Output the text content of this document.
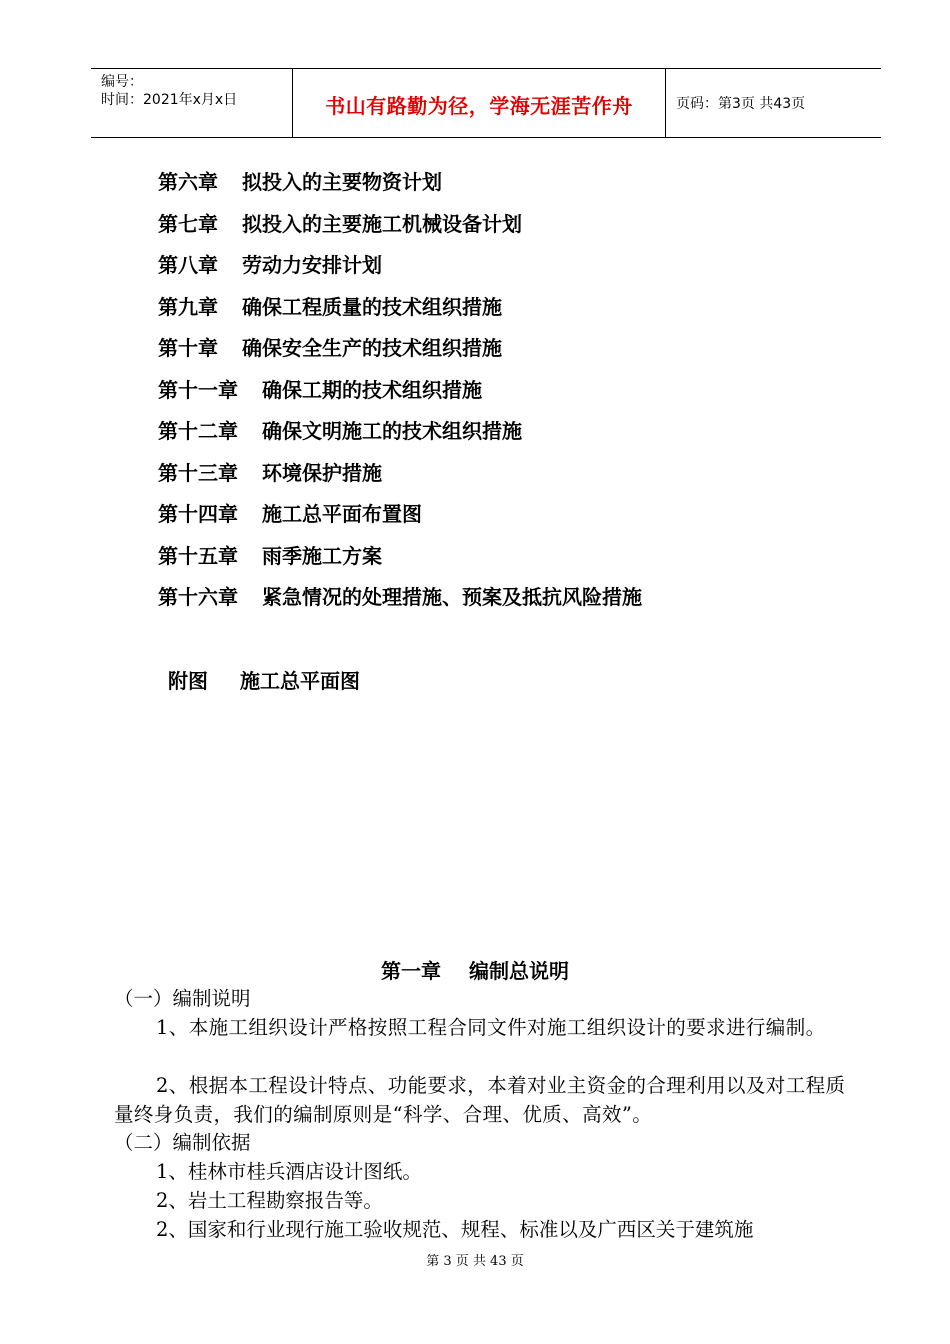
编号：
时间：2021年x月x日	书山有路勤为径，学海无涯苦作舟	页码：第3页 共43页
第六章 拟投入的主要物资计划
第七章 拟投入的主要施工机械设备计划
第八章 劳动力安排计划
第九章 确保工程质量的技术组织措施
第十章 确保安全生产的技术组织措施
第十一章 确保工期的技术组织措施
第十二章 确保文明施工的技术组织措施
第十三章 环境保护措施
第十四章 施工总平面布置图
第十五章 雨季施工方案
第十六章 紧急情况的处理措施、预案及抵抗风险措施
附图 施工总平面图
第一章 编制总说明
（一）编制说明
1、本施工组织设计严格按照工程合同文件对施工组织设计的要求进行编制。
2、根据本工程设计特点、功能要求，本着对业主资金的合理利用以及对工程质量终身负责，我们的编制原则是“科学、合理、优质、高效”。
（二）编制依据
1、桂林市桂兵酒店设计图纸。
2、岩土工程勘察报告等。
2、国家和行业现行施工验收规范、规程、标准以及广西区关于建筑施
第 3 页 共 43 页
